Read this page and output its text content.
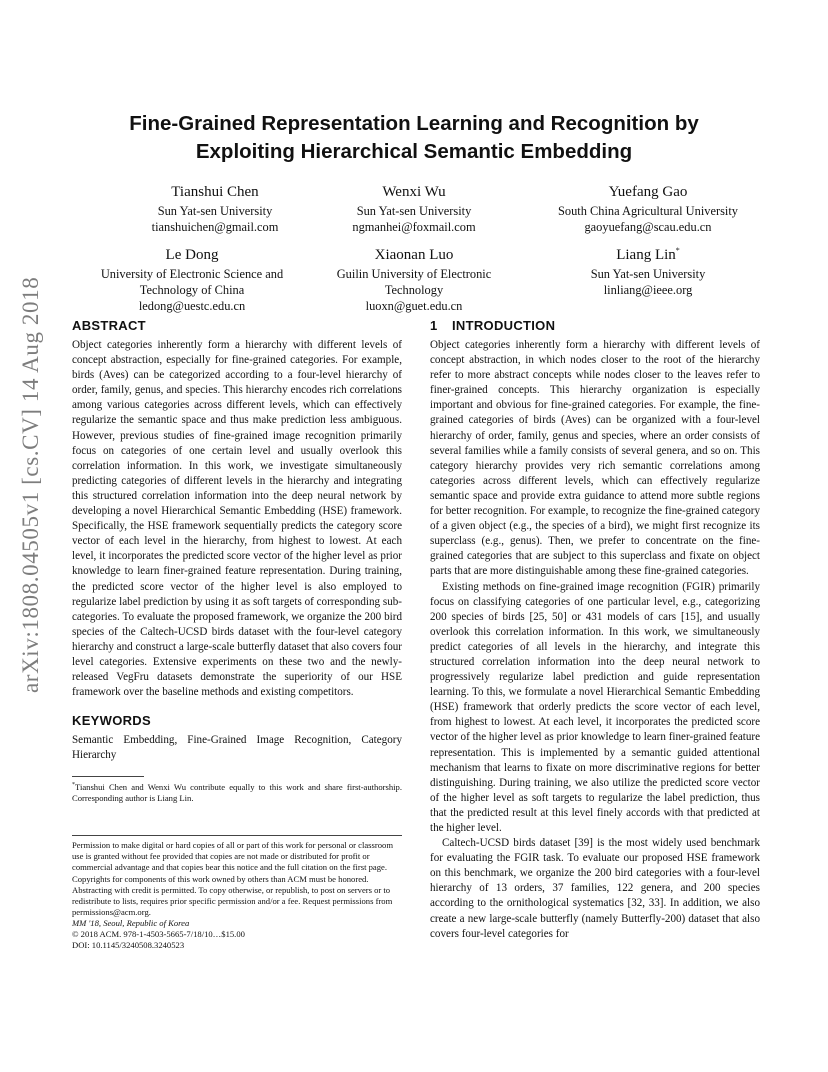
arXiv:1808.04505v1 [cs.CV] 14 Aug 2018
Fine-Grained Representation Learning and Recognition by Exploiting Hierarchical Semantic Embedding
Tianshui Chen
Sun Yat-sen University
tianshuichen@gmail.com
Wenxi Wu
Sun Yat-sen University
ngmanhei@foxmail.com
Yuefang Gao
South China Agricultural University
gaoyuefang@scau.edu.cn
Le Dong
University of Electronic Science and Technology of China
ledong@uestc.edu.cn
Xiaonan Luo
Guilin University of Electronic Technology
luoxn@guet.edu.cn
Liang Lin*
Sun Yat-sen University
linliang@ieee.org
ABSTRACT

Object categories inherently form a hierarchy with different levels of concept abstraction, especially for fine-grained categories. For example, birds (Aves) can be categorized according to a four-level hierarchy of order, family, genus, and species. This hierarchy encodes rich correlations among various categories across different levels, which can effectively regularize the semantic space and thus make prediction less ambiguous. However, previous studies of fine-grained image recognition primarily focus on categories of one certain level and usually overlook this correlation information. In this work, we investigate simultaneously predicting categories of different levels in the hierarchy and integrating this structured correlation information into the deep neural network by developing a novel Hierarchical Semantic Embedding (HSE) framework. Specifically, the HSE framework sequentially predicts the category score vector of each level in the hierarchy, from highest to lowest. At each level, it incorporates the predicted score vector of the higher level as prior knowledge to learn finer-grained feature representation. During training, the predicted score vector of the higher level is also employed to regularize label prediction by using it as soft targets of corresponding sub-categories. To evaluate the proposed framework, we organize the 200 bird species of the Caltech-UCSD birds dataset with the four-level category hierarchy and construct a large-scale butterfly dataset that also covers four level categories. Extensive experiments on these two and the newly-released VegFru datasets demonstrate the superiority of our HSE framework over the baseline methods and existing competitors.

KEYWORDS

Semantic Embedding, Fine-Grained Image Recognition, Category Hierarchy

*Tianshui Chen and Wenxi Wu contribute equally to this work and share first-authorship. Corresponding author is Liang Lin.

Permission to make digital or hard copies of all or part of this work for personal or classroom use is granted without fee provided that copies are not made or distributed for profit or commercial advantage and that copies bear this notice and the full citation on the first page. Copyrights for components of this work owned by others than ACM must be honored. Abstracting with credit is permitted. To copy otherwise, or republish, to post on servers or to redistribute to lists, requires prior specific permission and/or a fee. Request permissions from permissions@acm.org.
MM '18, Seoul, Republic of Korea
© 2018 ACM. 978-1-4503-5665-7/18/10…$15.00
DOI: 10.1145/3240508.3240523
1 INTRODUCTION

Object categories inherently form a hierarchy with different levels of concept abstraction, in which nodes closer to the root of the hierarchy refer to more abstract concepts while nodes closer to the leaves refer to finer-grained concepts. This hierarchy organization is especially important and obvious for fine-grained categories. For example, the fine-grained categories of birds (Aves) can be organized with a four-level hierarchy of order, family, genus and species, where an order consists of several families while a family consists of several genera, and so on. This category hierarchy provides very rich semantic correlations among categories across different levels, which can effectively regularize semantic space and provide extra guidance to attend more subtle regions for better recognition. For example, to recognize the fine-grained category of a given object (e.g., the species of a bird), we might first recognize its superclass (e.g., genus). Then, we prefer to concentrate on the fine-grained categories that are subject to this superclass and fixate on object parts that are more distinguishable among these fine-grained categories.

Existing methods on fine-grained image recognition (FGIR) primarily focus on classifying categories of one particular level, e.g., categorizing 200 species of birds [25, 50] or 431 models of cars [15], and usually overlook this correlation information. In this work, we simultaneously predict categories of all levels in the hierarchy, and integrate this structured correlation information into the deep neural network to progressively regularize label prediction and guide representation learning. To this, we formulate a novel Hierarchical Semantic Embedding (HSE) framework that orderly predicts the score vector of each level, from highest to lowest. At each level, it incorporates the predicted score vector of the higher level as prior knowledge to learn finer-grained feature representation. This is implemented by a semantic guided attentional mechanism that learns to fixate on more discriminative regions for better distinguishing. During training, we also utilize the predicted score vector of the higher level as soft targets to regularize the label prediction, thus that the predicted result at this level finely accords with that predicted at the higher level.

Caltech-UCSD birds dataset [39] is the most widely used benchmark for evaluating the FGIR task. To evaluate our proposed HSE framework on this benchmark, we organize the 200 bird categories with a four-level hierarchy of 13 orders, 37 families, 122 genera, and 200 species according to the ornithological systematics [32, 33]. In addition, we also create a new large-scale butterfly (namely Butterfly-200) dataset that also covers four-level categories for
